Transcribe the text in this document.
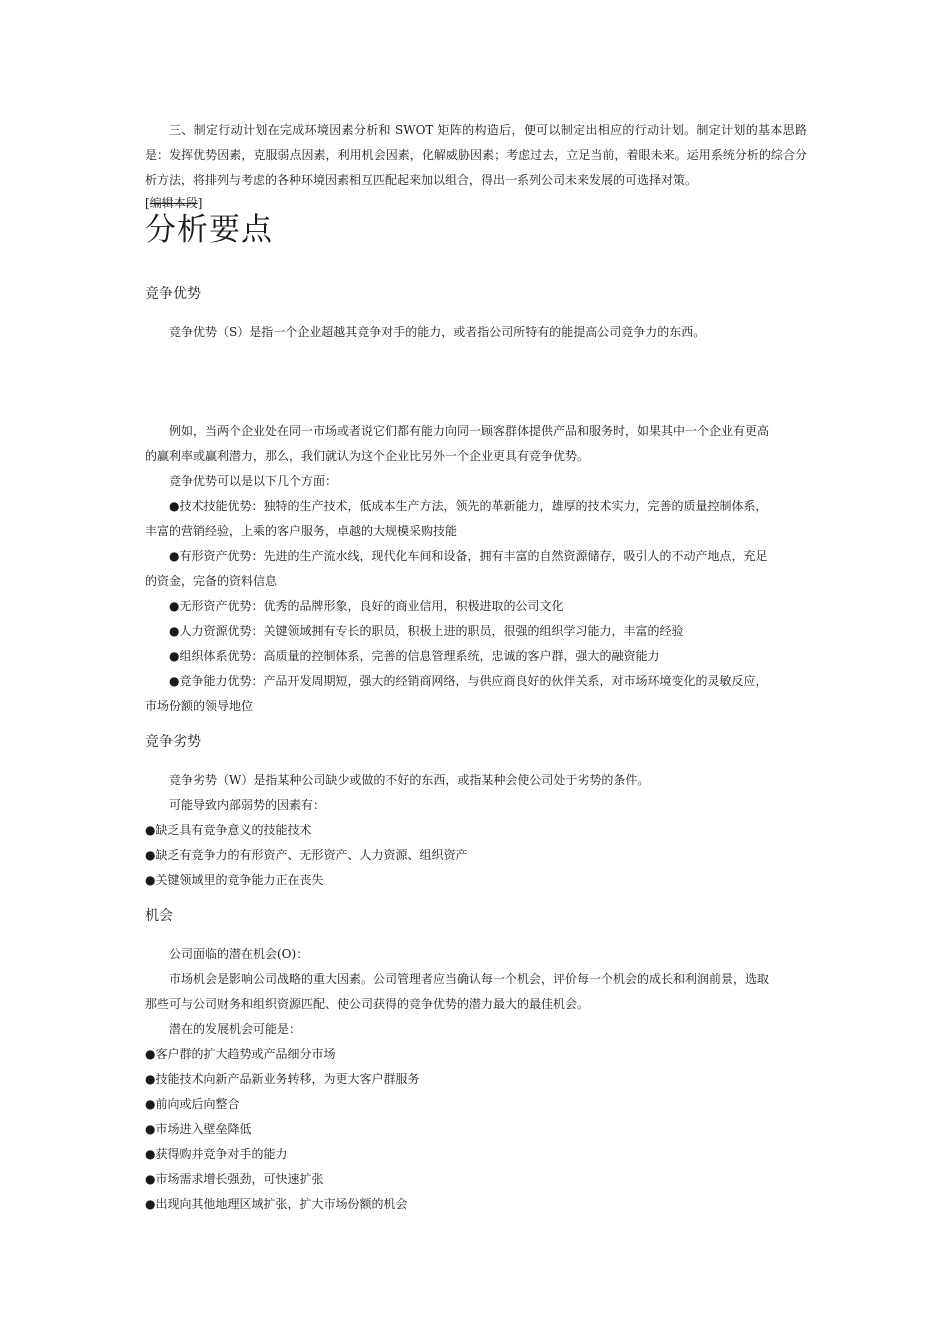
三、制定行动计划在完成环境因素分析和 SWOT 矩阵的构造后，便可以制定出相应的行动计划。制定计划的基本思路是：发挥优势因素，克服弱点因素，利用机会因素，化解威胁因素；考虑过去，立足当前，着眼未来。运用系统分析的综合分析方法，将排列与考虑的各种环境因素相互匹配起来加以组合，得出一系列公司未来发展的可选择对策。

[编辑本段]
分析要点
竞争优势

竞争优势（S）是指一个企业超越其竞争对手的能力，或者指公司所特有的能提高公司竞争力的东西。

例如，当两个企业处在同一市场或者说它们都有能力向同一顾客群体提供产品和服务时，如果其中一个企业有更高

的赢利率或赢利潜力，那么，我们就认为这个企业比另外一个企业更具有竞争优势。

竞争优势可以是以下几个方面：

●技术技能优势：独特的生产技术，低成本生产方法，领先的革新能力，雄厚的技术实力，完善的质量控制体系，

丰富的营销经验，上乘的客户服务，卓越的大规模采购技能

●有形资产优势：先进的生产流水线，现代化车间和设备，拥有丰富的自然资源储存，吸引人的不动产地点，充足

的资金，完备的资料信息

●无形资产优势：优秀的品牌形象，良好的商业信用，积极进取的公司文化

●人力资源优势：关键领域拥有专长的职员，积极上进的职员，很强的组织学习能力，丰富的经验

●组织体系优势：高质量的控制体系，完善的信息管理系统，忠诚的客户群，强大的融资能力

●竞争能力优势：产品开发周期短，强大的经销商网络，与供应商良好的伙伴关系，对市场环境变化的灵敏反应，

市场份额的领导地位

竞争劣势

竞争劣势（W）是指某种公司缺少或做的不好的东西，或指某种会使公司处于劣势的条件。

可能导致内部弱势的因素有：

●缺乏具有竞争意义的技能技术

●缺乏有竞争力的有形资产、无形资产、人力资源、组织资产

●关键领域里的竞争能力正在丧失

机会

公司面临的潜在机会(O)：

市场机会是影响公司战略的重大因素。公司管理者应当确认每一个机会，评价每一个机会的成长和利润前景，选取

那些可与公司财务和组织资源匹配、使公司获得的竞争优势的潜力最大的最佳机会。

潜在的发展机会可能是：

●客户群的扩大趋势或产品细分市场

●技能技术向新产品新业务转移，为更大客户群服务

●前向或后向整合

●市场进入壁垒降低

●获得购并竞争对手的能力

●市场需求增长强劲，可快速扩张

●出现向其他地理区域扩张，扩大市场份额的机会
